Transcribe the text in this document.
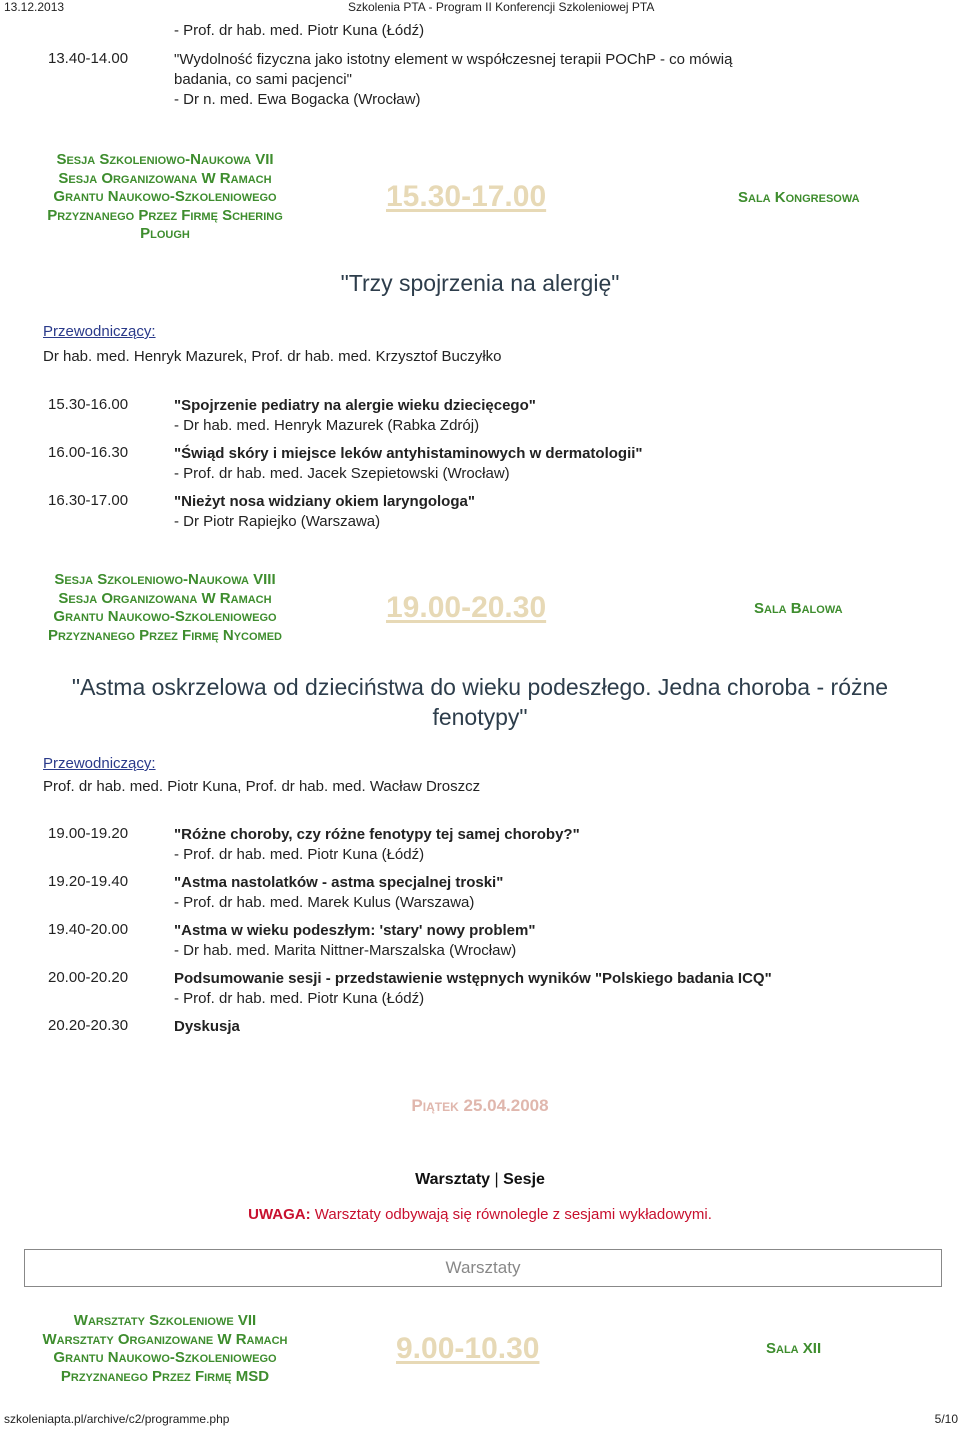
13.12.2013	Szkolenia PTA - Program II Konferencji Szkoleniowej PTA
- Prof. dr hab. med. Piotr Kuna (Łódź)
13.40-14.00	"Wydolność fizyczna jako istotny element w współczesnej terapii POChP - co mówią
badania, co sami pacjenci"
- Dr n. med. Ewa Bogacka (Wrocław)
Sesja Szkoleniowo-Naukowa VII
Sesja Organizowana W Ramach
Grantu Naukowo-Szkoleniowego
Przyznanego Przez Firmę Schering
Plough
15.30-17.00	Sala Kongresowa
"Trzy spojrzenia na alergię"
Przewodniczący:
Dr hab. med. Henryk Mazurek, Prof. dr hab. med. Krzysztof Buczyłko
15.30-16.00	"Spojrzenie pediatry na alergie wieku dziecięcego"
- Dr hab. med. Henryk Mazurek (Rabka Zdrój)
16.00-16.30	"Świąd skóry i miejsce leków antyhistaminowych w dermatologii"
- Prof. dr hab. med. Jacek Szepietowski (Wrocław)
16.30-17.00	"Nieżyt nosa widziany okiem laryngologa"
- Dr Piotr Rapiejko (Warszawa)
Sesja Szkoleniowo-Naukowa VIII
Sesja Organizowana W Ramach
Grantu Naukowo-Szkoleniowego
Przyznanego Przez Firmę Nycomed
19.00-20.30	Sala Balowa
"Astma oskrzelowa od dzieciństwa do wieku podeszłego. Jedna choroba - różne
fenotypy"
Przewodniczący:
Prof. dr hab. med. Piotr Kuna, Prof. dr hab. med. Wacław Droszcz
19.00-19.20	"Różne choroby, czy różne fenotypy tej samej choroby?"
- Prof. dr hab. med. Piotr Kuna (Łódź)
19.20-19.40	"Astma nastolatków - astma specjalnej troski"
- Prof. dr hab. med. Marek Kulus (Warszawa)
19.40-20.00	"Astma w wieku podeszłym: 'stary' nowy problem"
- Dr hab. med. Marita Nittner-Marszalska (Wrocław)
20.00-20.20	Podsumowanie sesji - przedstawienie wstępnych wyników "Polskiego badania ICQ"
- Prof. dr hab. med. Piotr Kuna (Łódź)
20.20-20.30	Dyskusja
Piątek 25.04.2008
Warsztaty | Sesje
UWAGA: Warsztaty odbywają się równolegle z sesjami wykładowymi.
Warsztaty
Warsztaty Szkoleniowe VII
Warsztaty Organizowane W Ramach
Grantu Naukowo-Szkoleniowego
Przyznanego Przez Firmę MSD
9.00-10.30	Sala XII
szkoleniapta.pl/archive/c2/programme.php	5/10
